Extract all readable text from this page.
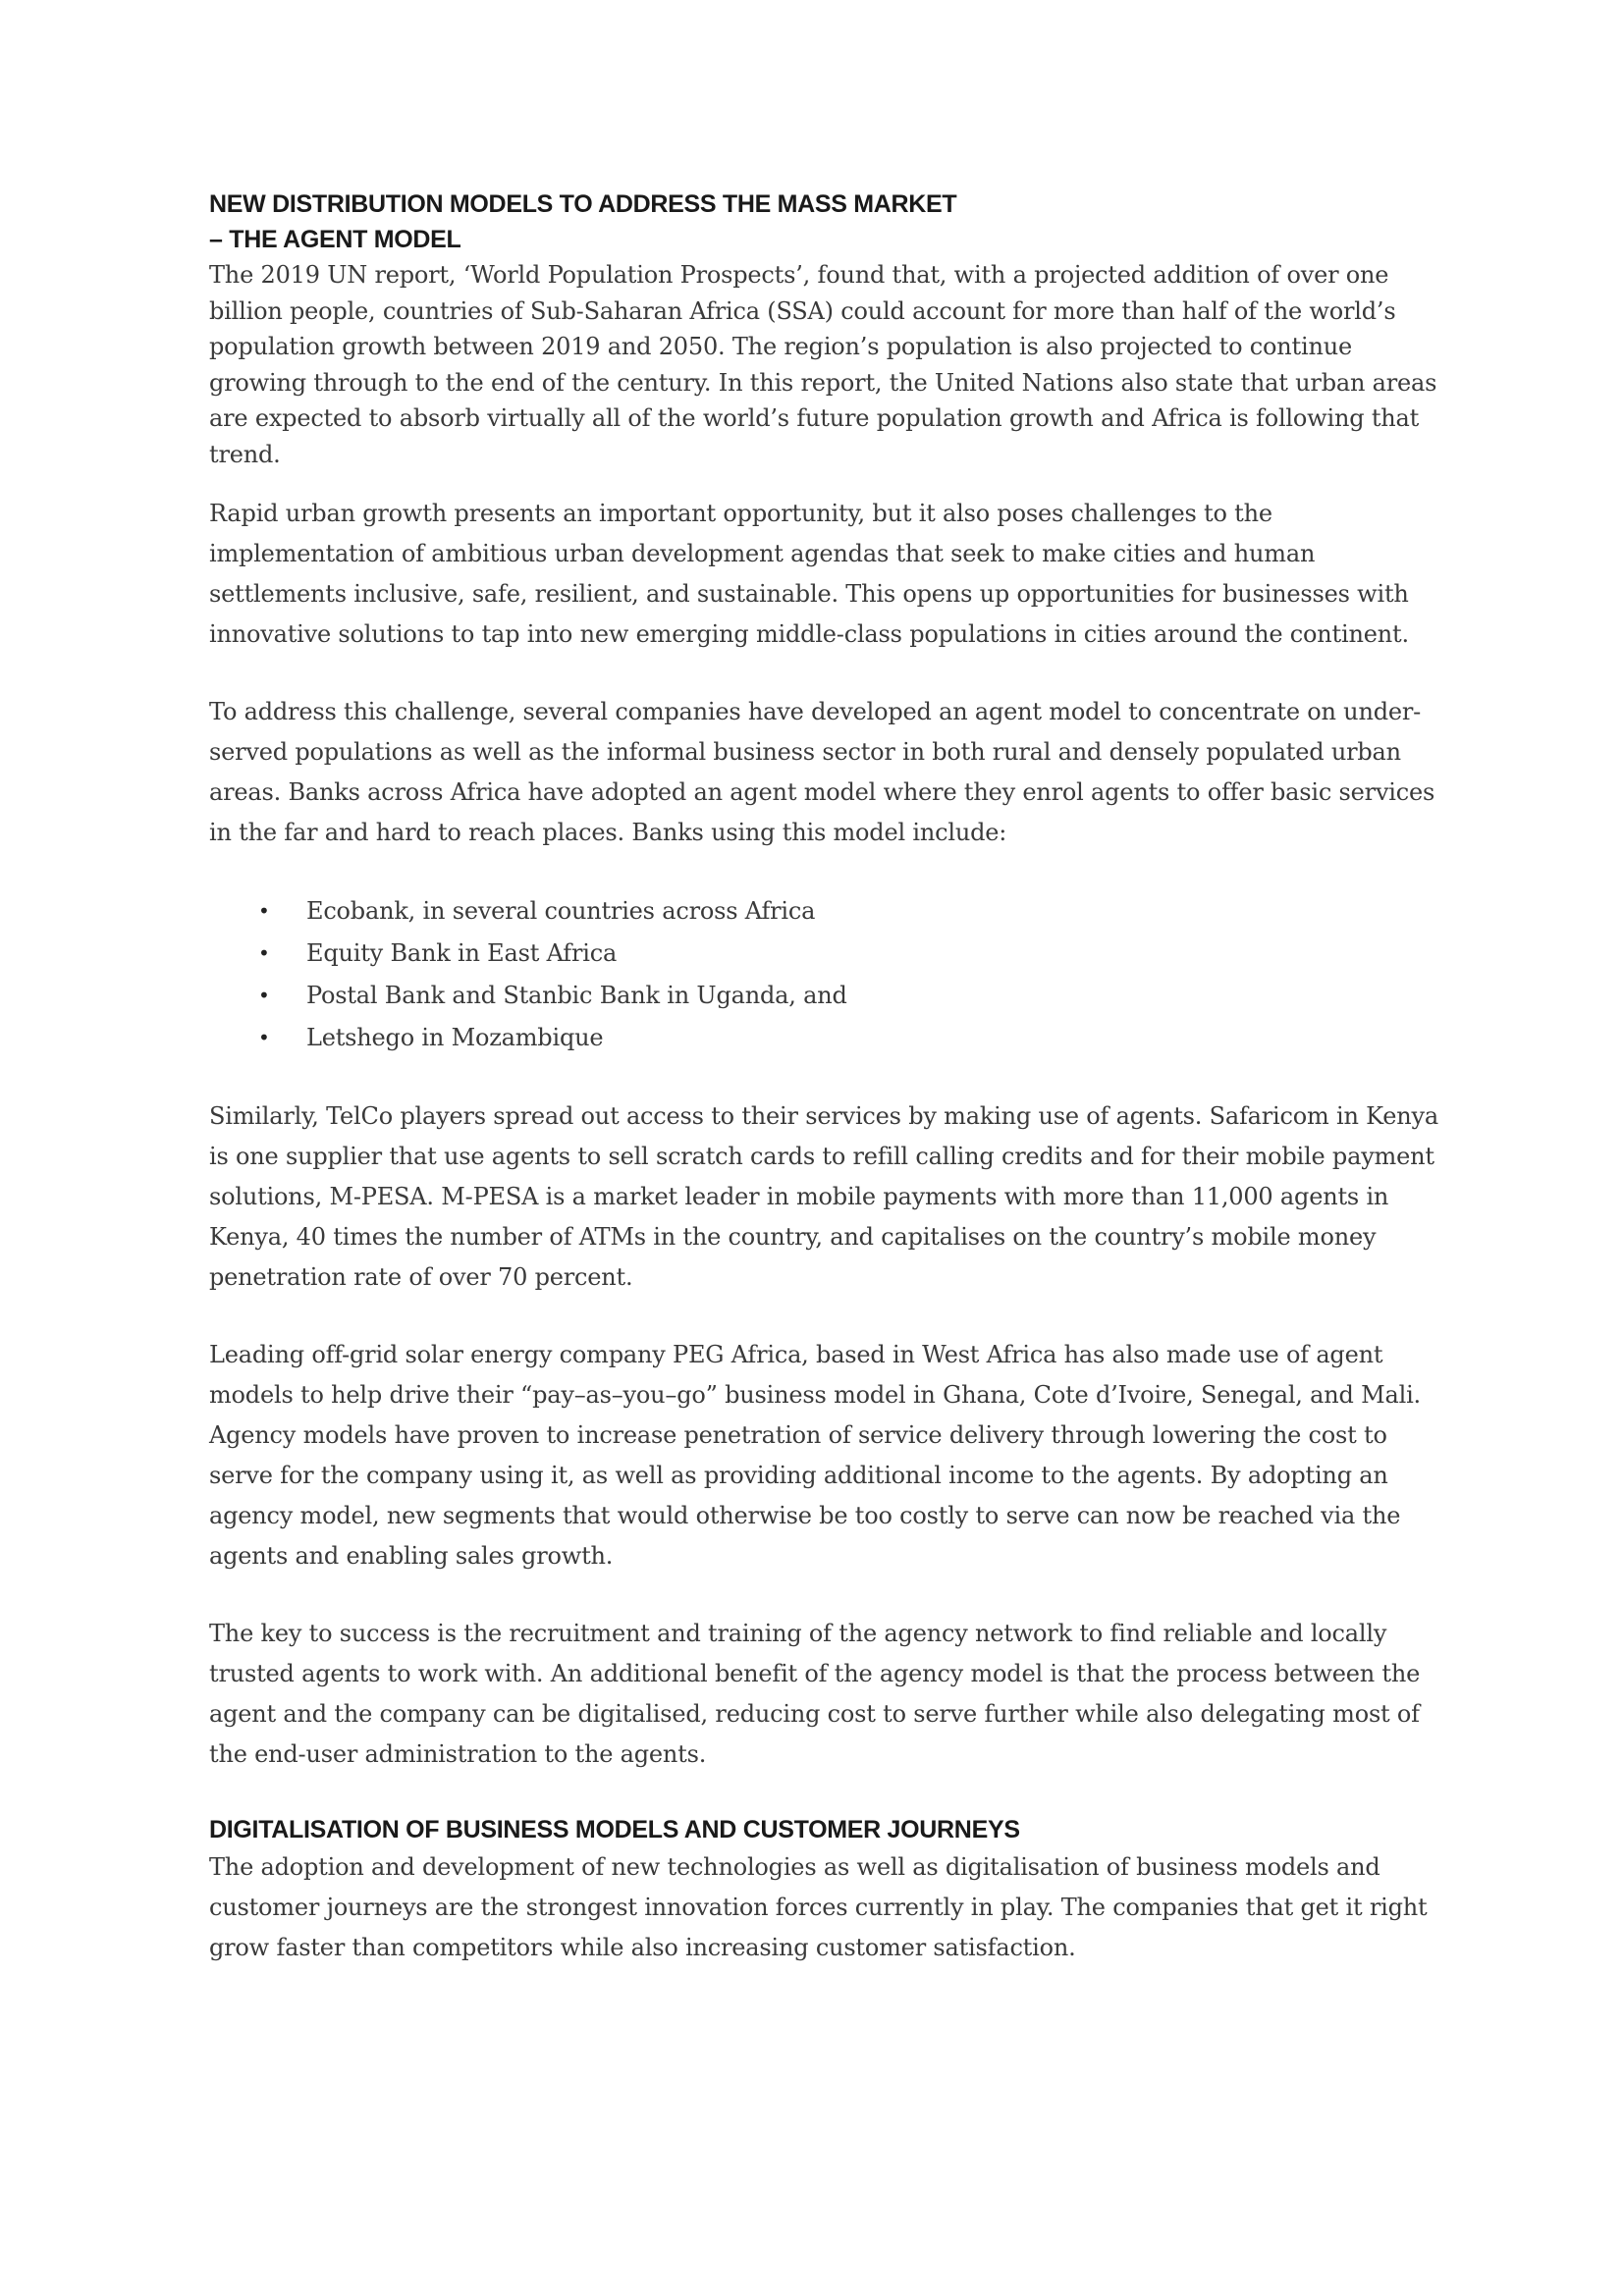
NEW DISTRIBUTION MODELS TO ADDRESS THE MASS MARKET
– THE AGENT MODEL

The 2019 UN report, ‘World Population Prospects’, found that, with a projected addition of over one billion people, countries of Sub-Saharan Africa (SSA) could account for more than half of the world’s population growth between 2019 and 2050. The region’s population is also projected to continue growing through to the end of the century. In this report, the United Nations also state that urban areas are expected to absorb virtually all of the world’s future population growth and Africa is following that trend.

Rapid urban growth presents an important opportunity, but it also poses challenges to the implementation of ambitious urban development agendas that seek to make cities and human settlements inclusive, safe, resilient, and sustainable. This opens up opportunities for businesses with innovative solutions to tap into new emerging middle-class populations in cities around the continent.

To address this challenge, several companies have developed an agent model to concentrate on under-served populations as well as the informal business sector in both rural and densely populated urban areas. Banks across Africa have adopted an agent model where they enrol agents to offer basic services in the far and hard to reach places. Banks using this model include:

• Ecobank, in several countries across Africa
• Equity Bank in East Africa
• Postal Bank and Stanbic Bank in Uganda, and
• Letshego in Mozambique

Similarly, TelCo players spread out access to their services by making use of agents. Safaricom in Kenya is one supplier that use agents to sell scratch cards to refill calling credits and for their mobile payment solutions, M-PESA. M-PESA is a market leader in mobile payments with more than 11,000 agents in Kenya, 40 times the number of ATMs in the country, and capitalises on the country’s mobile money penetration rate of over 70 percent.

Leading off-grid solar energy company PEG Africa, based in West Africa has also made use of agent models to help drive their “pay–as–you–go” business model in Ghana, Cote d’Ivoire, Senegal, and Mali. Agency models have proven to increase penetration of service delivery through lowering the cost to serve for the company using it, as well as providing additional income to the agents. By adopting an agency model, new segments that would otherwise be too costly to serve can now be reached via the agents and enabling sales growth.

The key to success is the recruitment and training of the agency network to find reliable and locally trusted agents to work with. An additional benefit of the agency model is that the process between the agent and the company can be digitalised, reducing cost to serve further while also delegating most of the end-user administration to the agents.

DIGITALISATION OF BUSINESS MODELS AND CUSTOMER JOURNEYS

The adoption and development of new technologies as well as digitalisation of business models and customer journeys are the strongest innovation forces currently in play. The companies that get it right grow faster than competitors while also increasing customer satisfaction.
